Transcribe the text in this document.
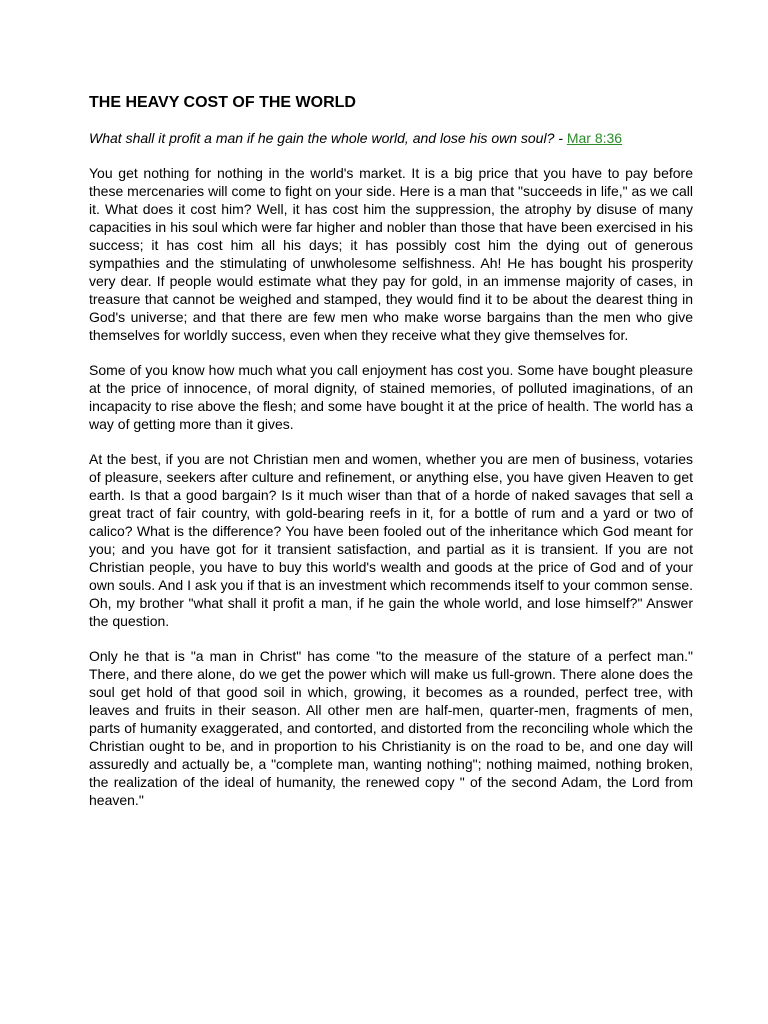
THE HEAVY COST OF THE WORLD

What shall it profit a man if he gain the whole world, and lose his own soul? - Mar 8:36

You get nothing for nothing in the world's market. It is a big price that you have to pay before these mercenaries will come to fight on your side. Here is a man that "succeeds in life," as we call it. What does it cost him? Well, it has cost him the suppression, the atrophy by disuse of many capacities in his soul which were far higher and nobler than those that have been exercised in his success; it has cost him all his days; it has possibly cost him the dying out of generous sympathies and the stimulating of unwholesome selfishness. Ah! He has bought his prosperity very dear. If people would estimate what they pay for gold, in an immense majority of cases, in treasure that cannot be weighed and stamped, they would find it to be about the dearest thing in God's universe; and that there are few men who make worse bargains than the men who give themselves for worldly success, even when they receive what they give themselves for.

Some of you know how much what you call enjoyment has cost you. Some have bought pleasure at the price of innocence, of moral dignity, of stained memories, of polluted imaginations, of an incapacity to rise above the flesh; and some have bought it at the price of health. The world has a way of getting more than it gives.

At the best, if you are not Christian men and women, whether you are men of business, votaries of pleasure, seekers after culture and refinement, or anything else, you have given Heaven to get earth. Is that a good bargain? Is it much wiser than that of a horde of naked savages that sell a great tract of fair country, with gold-bearing reefs in it, for a bottle of rum and a yard or two of calico? What is the difference? You have been fooled out of the inheritance which God meant for you; and you have got for it transient satisfaction, and partial as it is transient. If you are not Christian people, you have to buy this world's wealth and goods at the price of God and of your own souls. And I ask you if that is an investment which recommends itself to your common sense. Oh, my brother "what shall it profit a man, if he gain the whole world, and lose himself?" Answer the question.

Only he that is "a man in Christ" has come "to the measure of the stature of a perfect man." There, and there alone, do we get the power which will make us full-grown. There alone does the soul get hold of that good soil in which, growing, it becomes as a rounded, perfect tree, with leaves and fruits in their season. All other men are half-men, quarter-men, fragments of men, parts of humanity exaggerated, and contorted, and distorted from the reconciling whole which the Christian ought to be, and in proportion to his Christianity is on the road to be, and one day will assuredly and actually be, a "complete man, wanting nothing"; nothing maimed, nothing broken, the realization of the ideal of humanity, the renewed copy " of the second Adam, the Lord from heaven."
